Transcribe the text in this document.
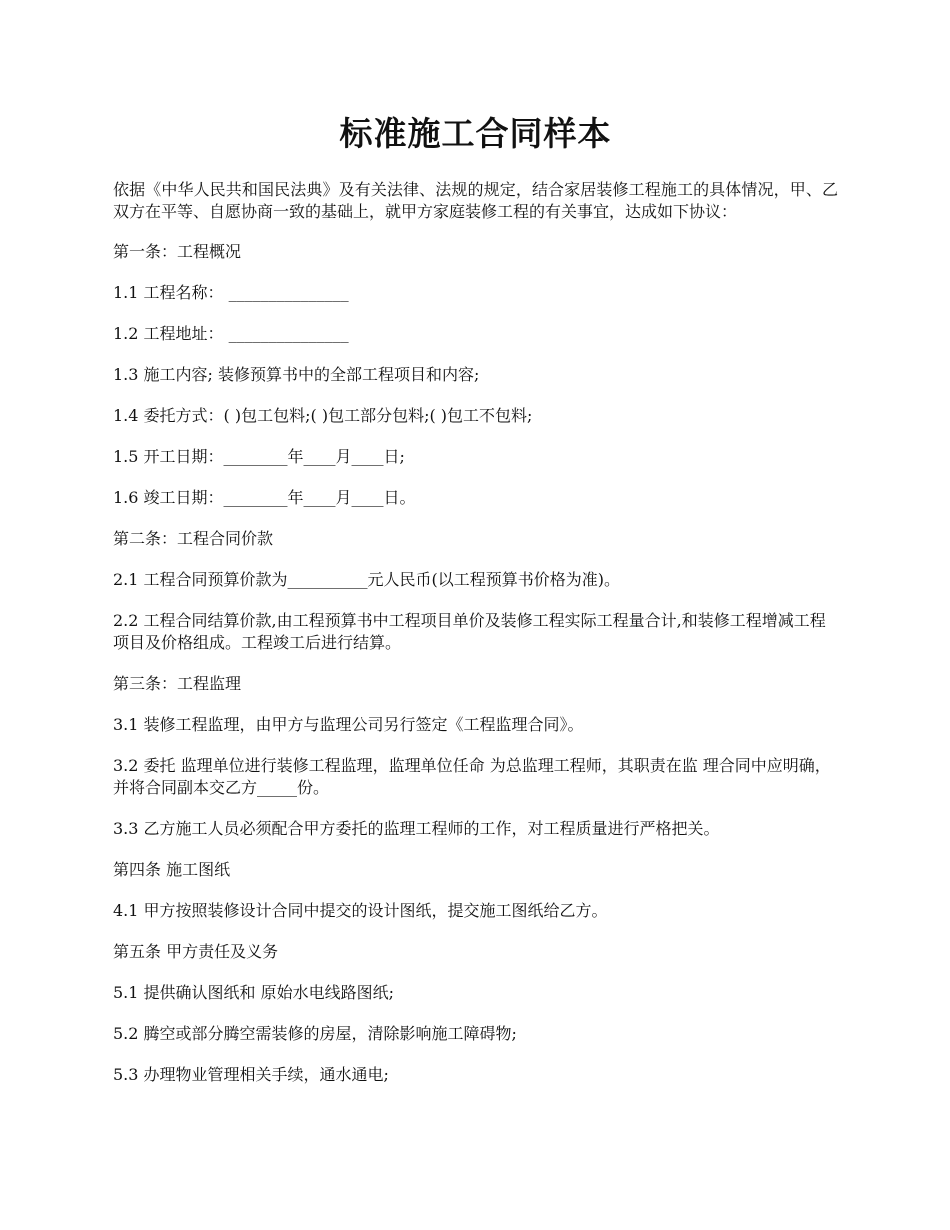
标准施工合同样本

依据《中华人民共和国民法典》及有关法律、法规的规定，结合家居装修工程施工的具体情况，甲、乙双方在平等、自愿协商一致的基础上，就甲方家庭装修工程的有关事宜，达成如下协议：

第一条：工程概况

1.1 工程名称： _______________

1.2 工程地址： _______________

1.3 施工内容; 装修预算书中的全部工程项目和内容;

1.4 委托方式：( )包工包料;( )包工部分包料;( )包工不包料;

1.5 开工日期：________年____月____日;

1.6 竣工日期：________年____月____日。

第二条：工程合同价款

2.1 工程合同预算价款为__________元人民币(以工程预算书价格为准)。

2.2 工程合同结算价款,由工程预算书中工程项目单价及装修工程实际工程量合计,和装修工程增减工程项目及价格组成。工程竣工后进行结算。

第三条：工程监理

3.1 装修工程监理，由甲方与监理公司另行签定《工程监理合同》。

3.2 委托 监理单位进行装修工程监理，监理单位任命 为总监理工程师，其职责在监 理合同中应明确，并将合同副本交乙方_____份。

3.3 乙方施工人员必须配合甲方委托的监理工程师的工作，对工程质量进行严格把关。

第四条 施工图纸

4.1 甲方按照装修设计合同中提交的设计图纸，提交施工图纸给乙方。

第五条 甲方责任及义务

5.1 提供确认图纸和 原始水电线路图纸;

5.2 腾空或部分腾空需装修的房屋，清除影响施工障碍物;

5.3 办理物业管理相关手续，通水通电;
